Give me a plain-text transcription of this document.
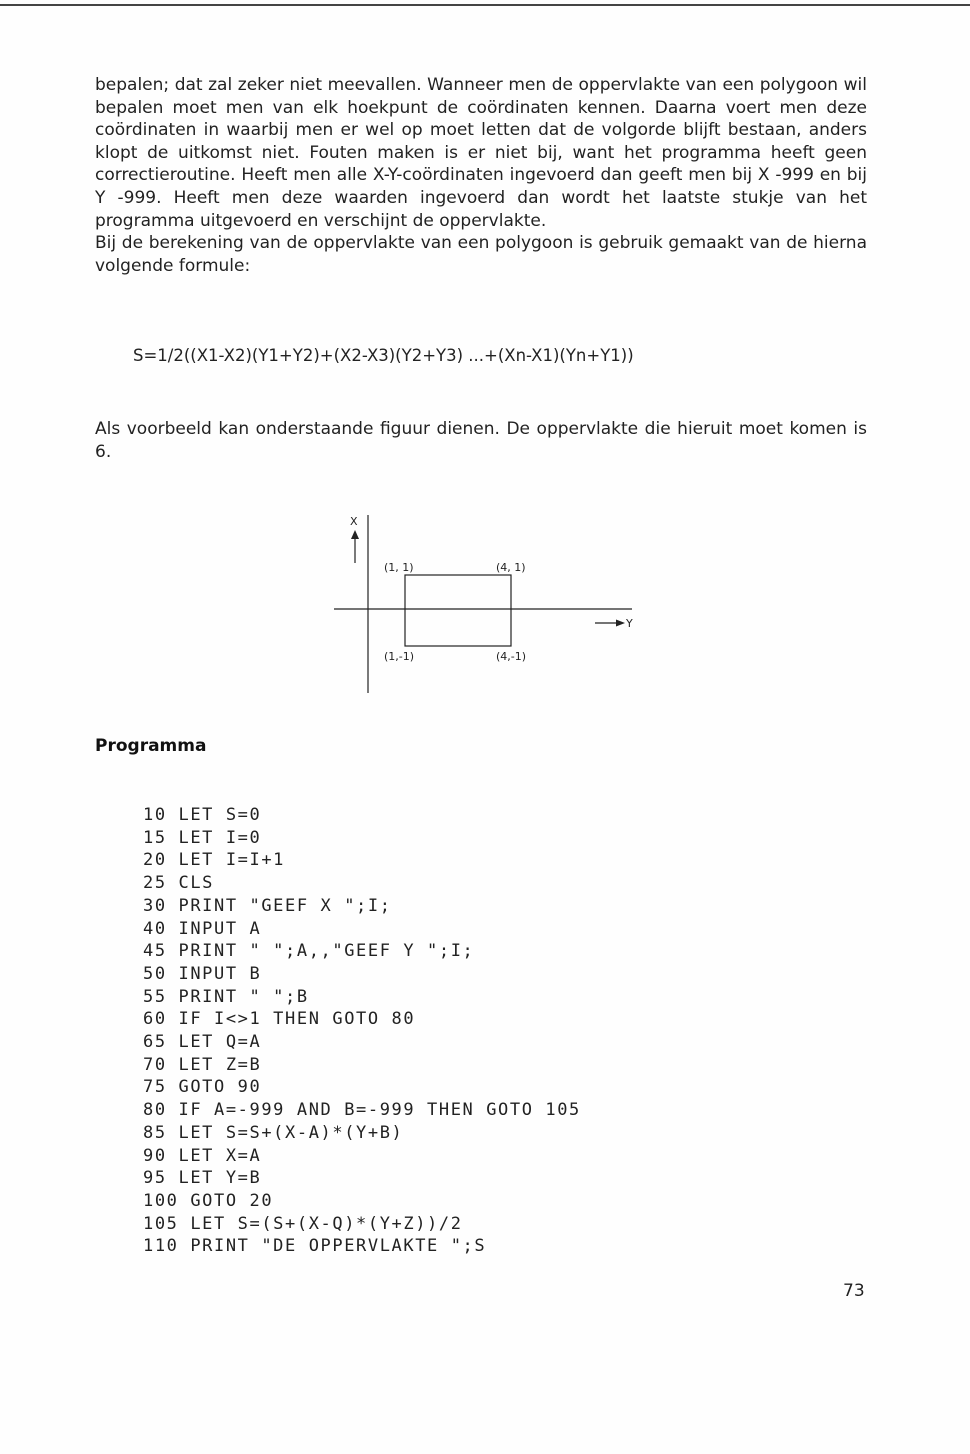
bepalen; dat zal zeker niet meevallen. Wanneer men de oppervlakte van een polygoon wil bepalen moet men van elk hoekpunt de coördinaten kennen. Daarna voert men deze coördinaten in waarbij men er wel op moet letten dat de volgorde blijft bestaan, anders klopt de uitkomst niet. Fouten maken is er niet bij, want het programma heeft geen correctieroutine. Heeft men alle X-Y-coördinaten ingevoerd dan geeft men bij X -999 en bij Y -999. Heeft men deze waarden ingevoerd dan wordt het laatste stukje van het programma uitgevoerd en verschijnt de oppervlakte.

Bij de berekening van de oppervlakte van een polygoon is gebruik gemaakt van de hierna volgende formule:

S=1/2((X1-X2)(Y1+Y2)+(X2-X3)(Y2+Y3) ...+(Xn-X1)(Yn+Y1))
Als voorbeeld kan onderstaande figuur dienen. De oppervlakte die hieruit moet komen is 6.
X
Y
(1, 1)	(4, 1)
(1,-1)	(4,-1)
Programma
10 LET S=0
15 LET I=0
20 LET I=I+1
25 CLS
30 PRINT "GEEF X ";I;
40 INPUT A
45 PRINT " ";A,,"GEEF Y ";I;
50 INPUT B
55 PRINT " ";B
60 IF I<>1 THEN GOTO 80
65 LET Q=A
70 LET Z=B
75 GOTO 90
80 IF A=-999 AND B=-999 THEN GOTO 105
85 LET S=S+(X-A)*(Y+B)
90 LET X=A
95 LET Y=B
100 GOTO 20
105 LET S=(S+(X-Q)*(Y+Z))/2
110 PRINT "DE OPPERVLAKTE ";S
73
